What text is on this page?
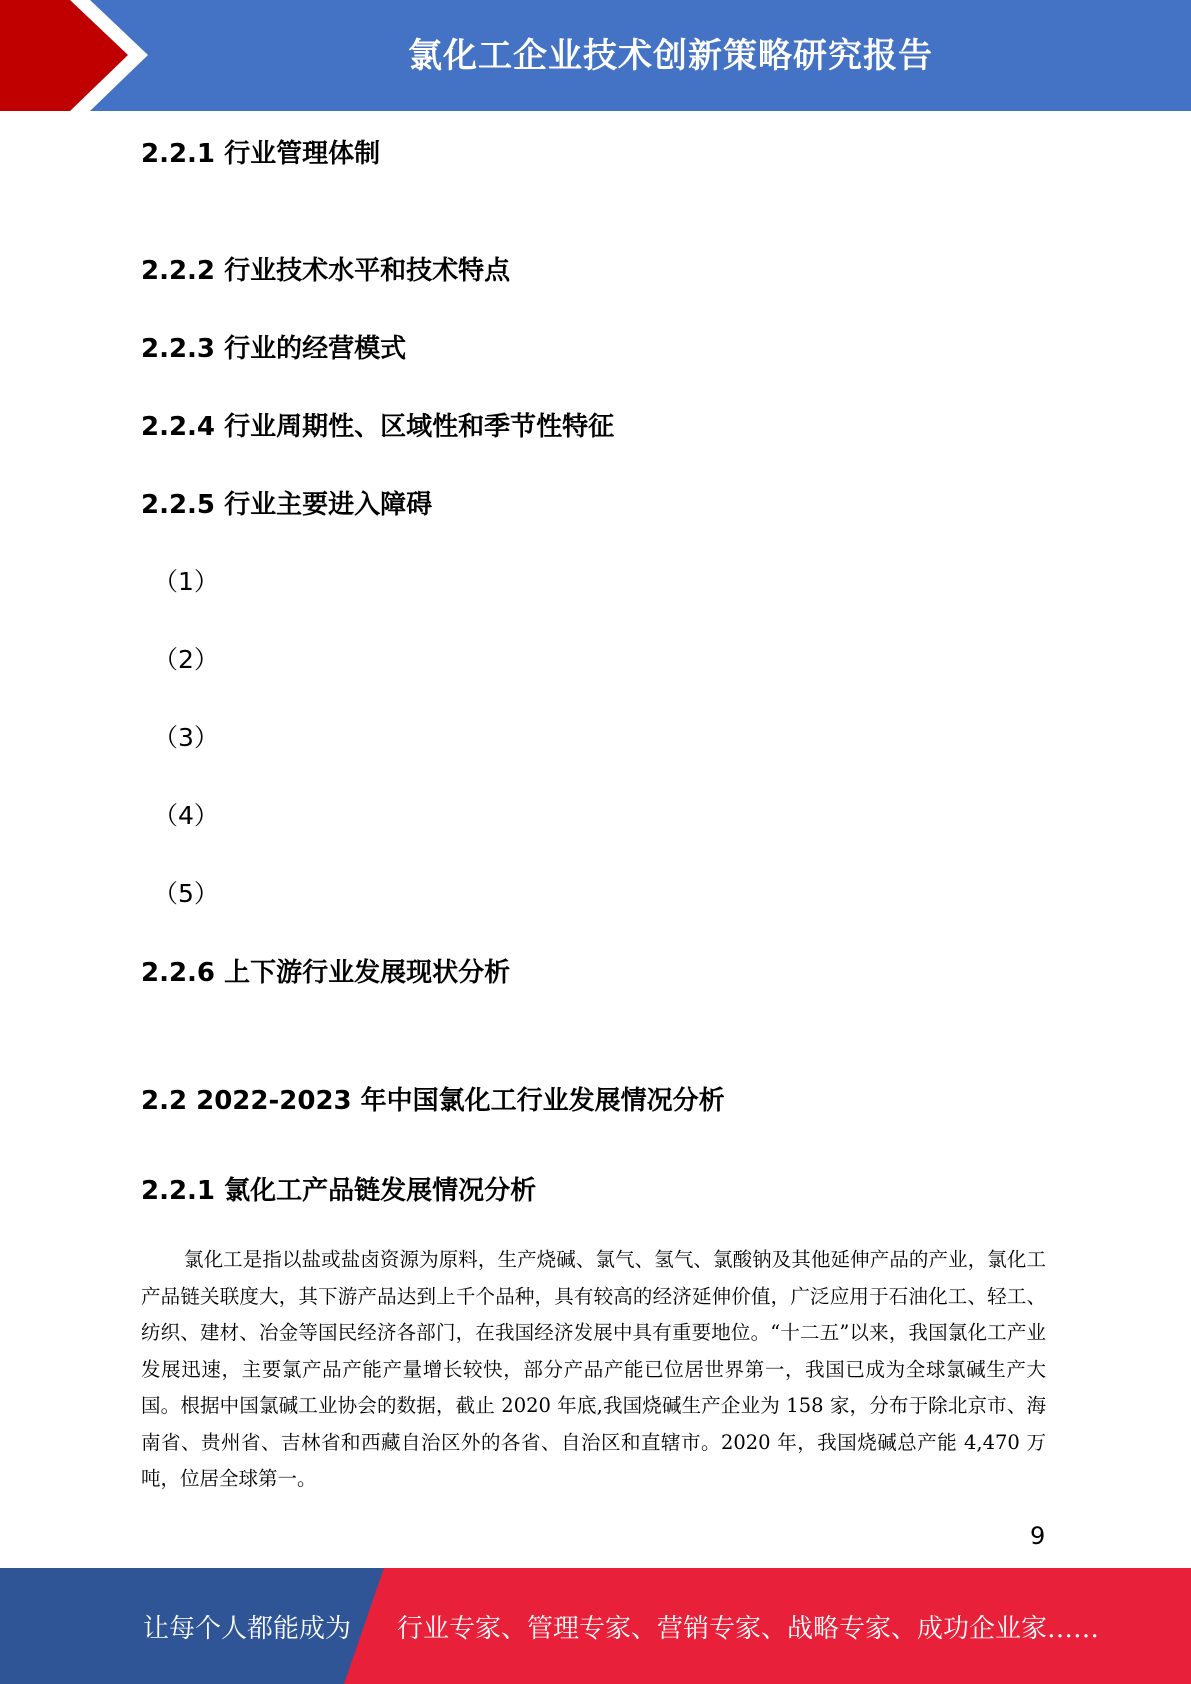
氯化工企业技术创新策略研究报告
2.2.1 行业管理体制
2.2.2 行业技术水平和技术特点
2.2.3 行业的经营模式
2.2.4 行业周期性、区域性和季节性特征
2.2.5 行业主要进入障碍
（1）
（2）
（3）
（4）
（5）
2.2.6 上下游行业发展现状分析
2.2 2022-2023 年中国氯化工行业发展情况分析
2.2.1 氯化工产品链发展情况分析
氯化工是指以盐或盐卤资源为原料，生产烧碱、氯气、氢气、氯酸钠及其他延伸产品的产业，氯化工产品链关联度大，其下游产品达到上千个品种，具有较高的经济延伸价值，广泛应用于石油化工、轻工、纺织、建材、冶金等国民经济各部门，在我国经济发展中具有重要地位。“十二五”以来，我国氯化工产业发展迅速，主要氯产品产能产量增长较快，部分产品产能已位居世界第一，我国已成为全球氯碱生产大国。根据中国氯碱工业协会的数据，截止 2020 年底,我国烧碱生产企业为 158 家，分布于除北京市、海南省、贵州省、吉林省和西藏自治区外的各省、自治区和直辖市。2020 年，我国烧碱总产能 4,470 万吨，位居全球第一。
9
让每个人都能成为 行业专家、管理专家、营销专家、战略专家、成功企业家……
